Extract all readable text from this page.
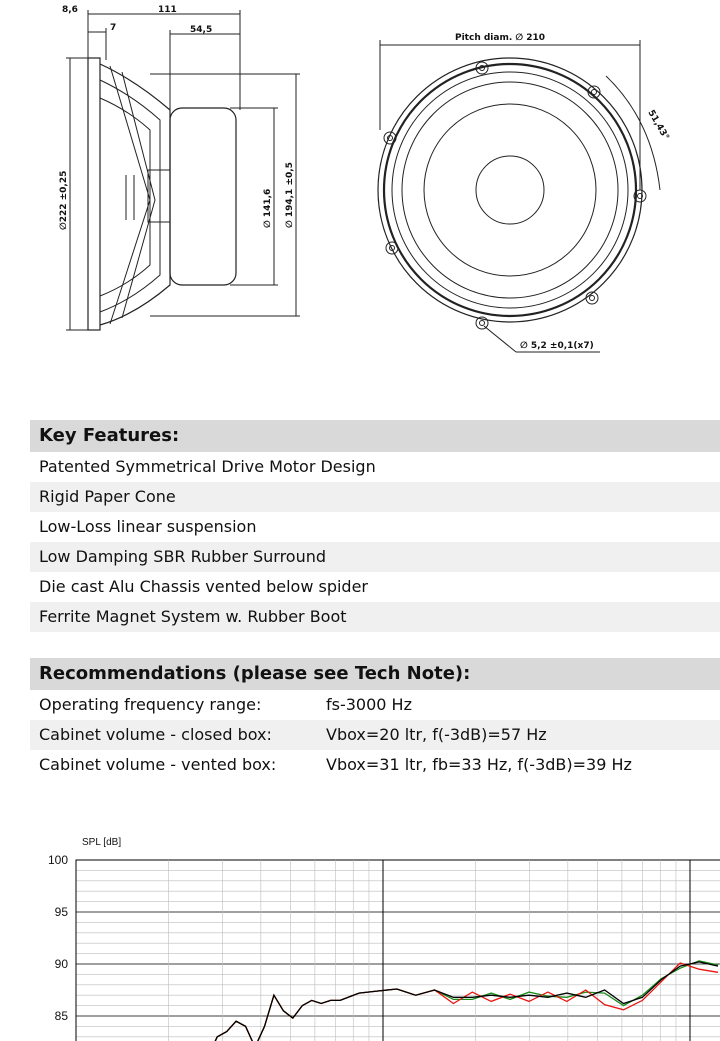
8,6
7
111
54,5
∅222 ±0,25	∅ 141,6 ∅ 194,1 ±0,5
Pitch diam. ∅ 210
51,43°
∅ 5,2 ±0,1(x7)
Key Features:
Patented Symmetrical Drive Motor Design
Rigid Paper Cone
Low-Loss linear suspension
Low Damping SBR Rubber Surround
Die cast Alu Chassis vented below spider
Ferrite Magnet System w. Rubber Boot
Recommendations (please see Tech Note):
Operating frequency range:	fs-3000 Hz
Cabinet volume - closed box:	Vbox=20 ltr, f(-3dB)=57 Hz
Cabinet volume - vented box:	Vbox=31 ltr, fb=33 Hz, f(-3dB)=39 Hz
SPL [dB]
100
95
90
85
